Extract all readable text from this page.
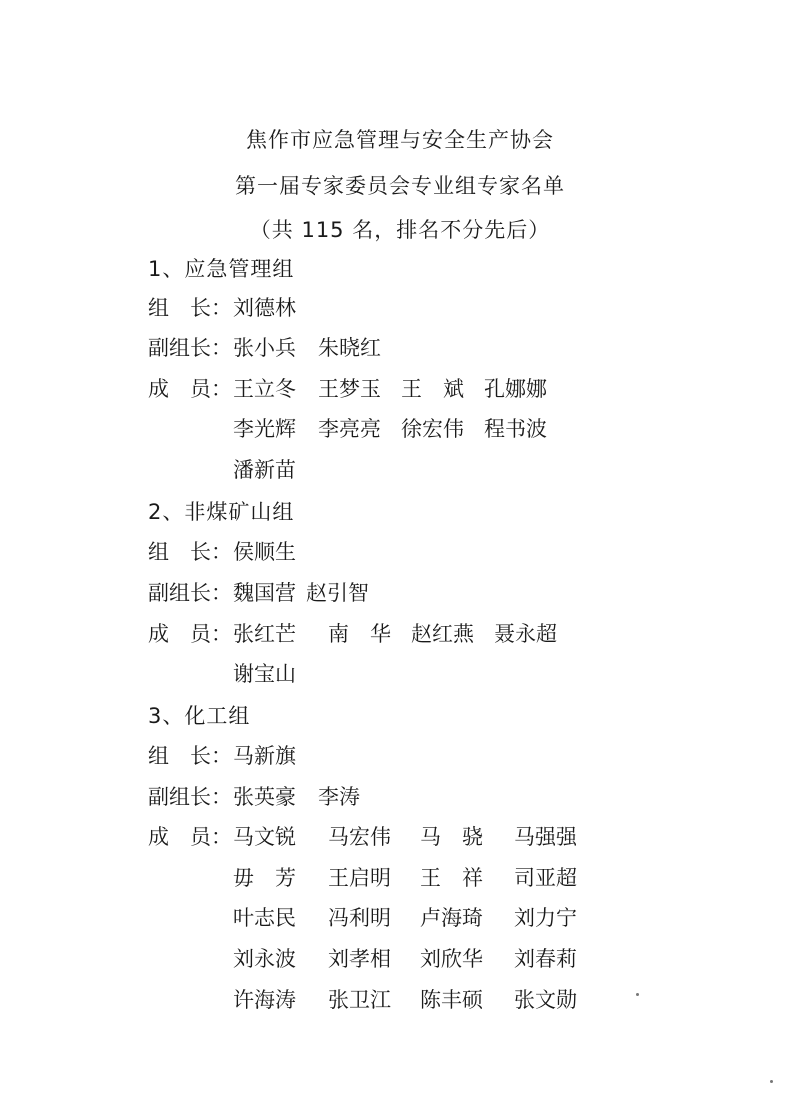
焦作市应急管理与安全生产协会
第一届专家委员会专业组专家名单
（共 115 名，排名不分先后）
1、应急管理组
组　长： 刘德林
副组长： 张小兵 朱晓红
成　员： 王立冬 王梦玉 王　斌 孔娜娜
李光辉 李亮亮 徐宏伟 程书波
潘新苗
2、非煤矿山组
组　长： 侯顺生
副组长： 魏国营 赵引智
成　员： 张红芒 南　华 赵红燕 聂永超
谢宝山
3、化工组
组　长： 马新旗
副组长： 张英豪 李涛
成　员： 马文锐 马宏伟 马　骁 马强强
毋　芳 王启明 王　祥 司亚超
叶志民 冯利明 卢海琦 刘力宁
刘永波 刘孝相 刘欣华 刘春莉
许海涛 张卫江 陈丰硕 张文勋
